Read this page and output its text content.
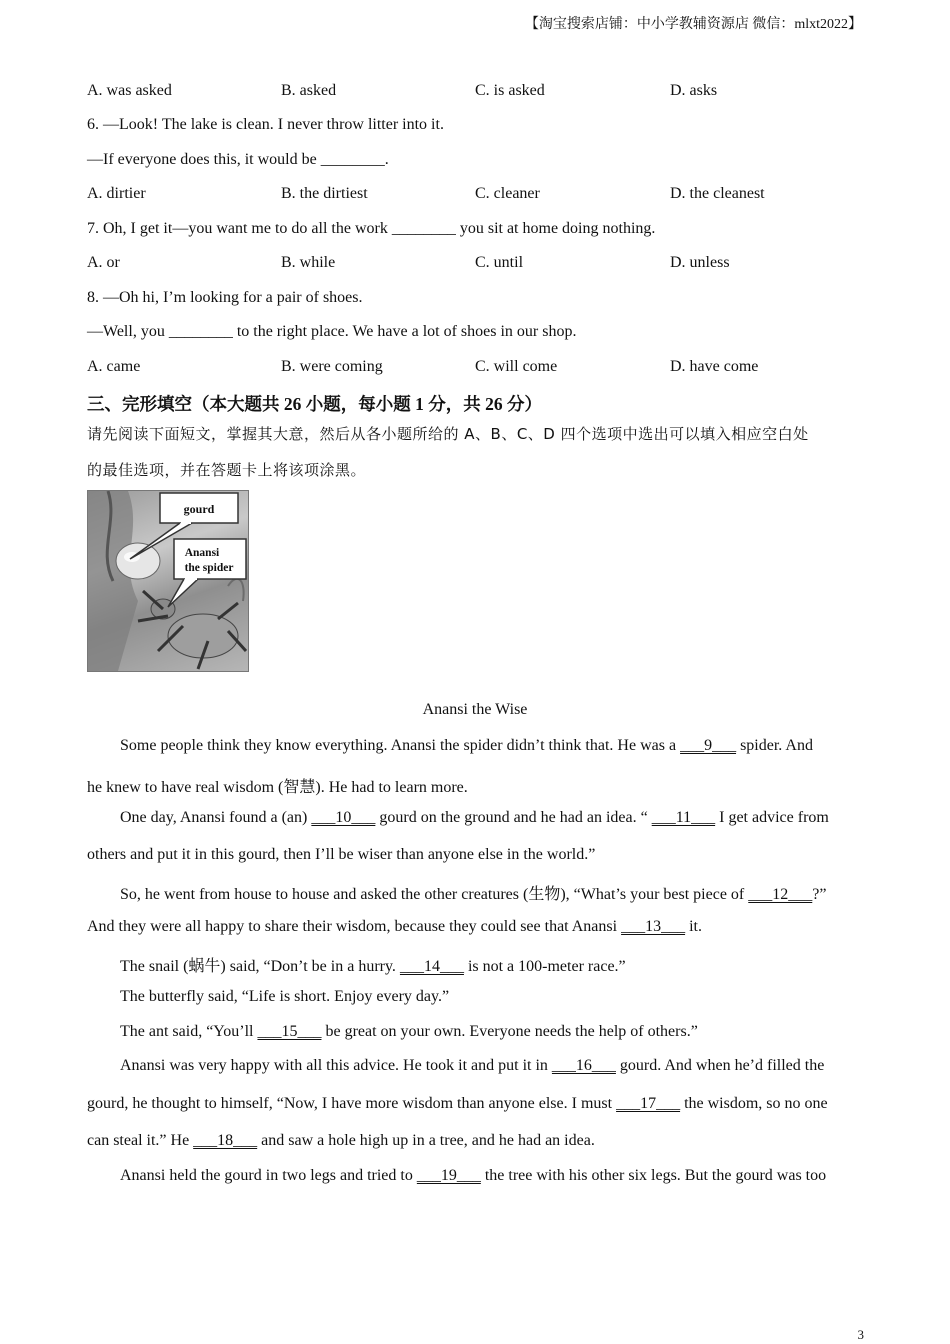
【淘宝搜索店铺：中小学教辅资源店 微信：mlxt2022】
A. was asked	B. asked	C. is asked	D. asks
6. —Look! The lake is clean. I never throw litter into it.
—If everyone does this, it would be ________.
A. dirtier	B. the dirtiest	C. cleaner	D. the cleanest
7. Oh, I get it—you want me to do all the work ________ you sit at home doing nothing.
A. or	B. while	C. until	D. unless
8. —Oh hi, I’m looking for a pair of shoes.
—Well, you ________ to the right place. We have a lot of shoes in our shop.
A. came	B. were coming	C. will come	D. have come
三、完形填空（本大题共 26 小题，每小题 1 分，共 26 分）
请先阅读下面短文，掌握其大意，然后从各小题所给的 A、B、C、D 四个选项中选出可以填入相应空白处
的最佳选项，并在答题卡上将该项涂黑。
gourd
Anansi
the spider
Anansi the Wise
Some people think they know everything. Anansi the spider didn’t think that. He was a ___9___ spider. And
he knew to have real wisdom (智慧). He had to learn more.
One day, Anansi found a (an) ___10___ gourd on the ground and he had an idea. “ ___11___ I get advice from
others and put it in this gourd, then I’ll be wiser than anyone else in the world.”
So, he went from house to house and asked the other creatures (生物), “What’s your best piece of ___12___?”
And they were all happy to share their wisdom, because they could see that Anansi ___13___ it.
The snail (蜗牛) said, “Don’t be in a hurry. ___14___ is not a 100-meter race.”
The butterfly said, “Life is short. Enjoy every day.”
The ant said, “You’ll ___15___ be great on your own. Everyone needs the help of others.”
Anansi was very happy with all this advice. He took it and put it in ___16___ gourd. And when he’d filled the
gourd, he thought to himself, “Now, I have more wisdom than anyone else. I must ___17___ the wisdom, so no one
can steal it.” He ___18___ and saw a hole high up in a tree, and he had an idea.
Anansi held the gourd in two legs and tried to ___19___ the tree with his other six legs. But the gourd was too
3
